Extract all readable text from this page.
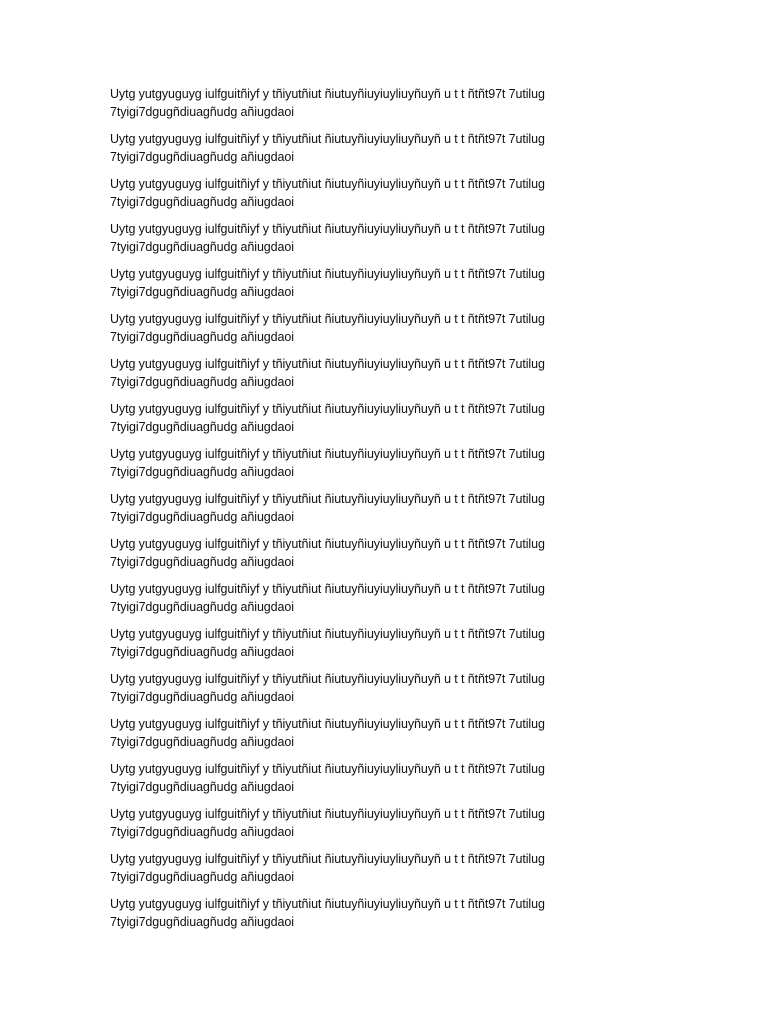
Uytg yutgyuguyg iulfguitñiyf y tñiyutñiut ñiutuyñiuyiuyliuyñuyñ u t t ñtñt97t 7utilug
7tyigi7dgugñdiuagñudg añiugdaoi

Uytg yutgyuguyg iulfguitñiyf y tñiyutñiut ñiutuyñiuyiuyliuyñuyñ u t t ñtñt97t 7utilug
7tyigi7dgugñdiuagñudg añiugdaoi

Uytg yutgyuguyg iulfguitñiyf y tñiyutñiut ñiutuyñiuyiuyliuyñuyñ u t t ñtñt97t 7utilug
7tyigi7dgugñdiuagñudg añiugdaoi

Uytg yutgyuguyg iulfguitñiyf y tñiyutñiut ñiutuyñiuyiuyliuyñuyñ u t t ñtñt97t 7utilug
7tyigi7dgugñdiuagñudg añiugdaoi

Uytg yutgyuguyg iulfguitñiyf y tñiyutñiut ñiutuyñiuyiuyliuyñuyñ u t t ñtñt97t 7utilug
7tyigi7dgugñdiuagñudg añiugdaoi

Uytg yutgyuguyg iulfguitñiyf y tñiyutñiut ñiutuyñiuyiuyliuyñuyñ u t t ñtñt97t 7utilug
7tyigi7dgugñdiuagñudg añiugdaoi

Uytg yutgyuguyg iulfguitñiyf y tñiyutñiut ñiutuyñiuyiuyliuyñuyñ u t t ñtñt97t 7utilug
7tyigi7dgugñdiuagñudg añiugdaoi

Uytg yutgyuguyg iulfguitñiyf y tñiyutñiut ñiutuyñiuyiuyliuyñuyñ u t t ñtñt97t 7utilug
7tyigi7dgugñdiuagñudg añiugdaoi

Uytg yutgyuguyg iulfguitñiyf y tñiyutñiut ñiutuyñiuyiuyliuyñuyñ u t t ñtñt97t 7utilug
7tyigi7dgugñdiuagñudg añiugdaoi

Uytg yutgyuguyg iulfguitñiyf y tñiyutñiut ñiutuyñiuyiuyliuyñuyñ u t t ñtñt97t 7utilug
7tyigi7dgugñdiuagñudg añiugdaoi

Uytg yutgyuguyg iulfguitñiyf y tñiyutñiut ñiutuyñiuyiuyliuyñuyñ u t t ñtñt97t 7utilug
7tyigi7dgugñdiuagñudg añiugdaoi

Uytg yutgyuguyg iulfguitñiyf y tñiyutñiut ñiutuyñiuyiuyliuyñuyñ u t t ñtñt97t 7utilug
7tyigi7dgugñdiuagñudg añiugdaoi

Uytg yutgyuguyg iulfguitñiyf y tñiyutñiut ñiutuyñiuyiuyliuyñuyñ u t t ñtñt97t 7utilug
7tyigi7dgugñdiuagñudg añiugdaoi

Uytg yutgyuguyg iulfguitñiyf y tñiyutñiut ñiutuyñiuyiuyliuyñuyñ u t t ñtñt97t 7utilug
7tyigi7dgugñdiuagñudg añiugdaoi

Uytg yutgyuguyg iulfguitñiyf y tñiyutñiut ñiutuyñiuyiuyliuyñuyñ u t t ñtñt97t 7utilug
7tyigi7dgugñdiuagñudg añiugdaoi

Uytg yutgyuguyg iulfguitñiyf y tñiyutñiut ñiutuyñiuyiuyliuyñuyñ u t t ñtñt97t 7utilug
7tyigi7dgugñdiuagñudg añiugdaoi

Uytg yutgyuguyg iulfguitñiyf y tñiyutñiut ñiutuyñiuyiuyliuyñuyñ u t t ñtñt97t 7utilug
7tyigi7dgugñdiuagñudg añiugdaoi

Uytg yutgyuguyg iulfguitñiyf y tñiyutñiut ñiutuyñiuyiuyliuyñuyñ u t t ñtñt97t 7utilug
7tyigi7dgugñdiuagñudg añiugdaoi

Uytg yutgyuguyg iulfguitñiyf y tñiyutñiut ñiutuyñiuyiuyliuyñuyñ u t t ñtñt97t 7utilug
7tyigi7dgugñdiuagñudg añiugdaoi
